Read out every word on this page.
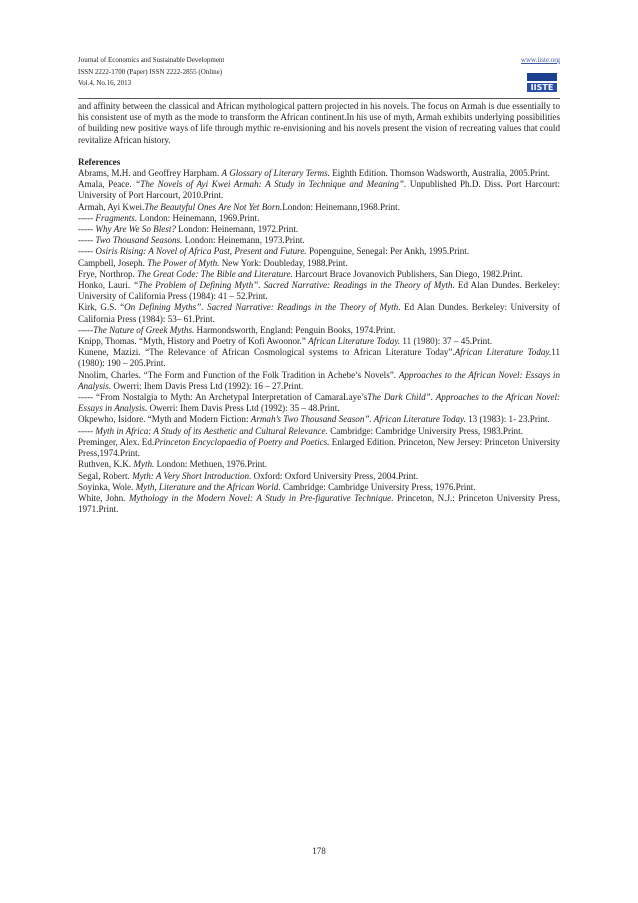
Journal of Economics and Sustainable Development
ISSN 2222-1700 (Paper) ISSN 2222-2855 (Online)
Vol.4, No.16, 2013
www.iiste.org
IISTE

and affinity between the classical and African mythological pattern projected in his novels. The focus on Armah is due essentially to his consistent use of myth as the mode to transform the African continent.In his use of myth, Armah exhibits underlying possibilities of building new positive ways of life through mythic re-envisioning and his novels present the vision of recreating values that could revitalize African history.

References

Abrams, M.H. and Geoffrey Harpham. A Glossary of Literary Terms. Eighth Edition. Thomson Wadsworth, Australia, 2005.Print.

Amala, Peace. “The Novels of Ayi Kwei Armah: A Study in Technique and Meaning”. Unpublished Ph.D. Diss. Port Harcourt: University of Port Harcourt, 2010.Print.

Armah, Ayi Kwei.The Beautyful Ones Are Not Yet Born.London: Heinemann,1968.Print.

----- Fragments. London: Heinemann, 1969.Print.

----- Why Are We So Blest? London: Heinemann, 1972.Print.

----- Two Thousand Seasons. London: Heinemann, 1973.Print.

----- Osiris Rising: A Novel of Africa Past, Present and Future. Popenguine, Senegal: Per Ankh, 1995.Print.

Campbell, Joseph. The Power of Myth. New York: Doubleday, 1988.Print.

Frye, Northrop. The Great Code: The Bible and Literature. Harcourt Brace Jovanovich Publishers, San Diego, 1982.Print.

Honko, Lauri. “The Problem of Defining Myth”. Sacred Narrative: Readings in the Theory of Myth. Ed Alan Dundes. Berkeley: University of California Press (1984): 41 – 52.Print.

Kirk, G.S. “On Defining Myths”. Sacred Narrative: Readings in the Theory of Myth. Ed Alan Dundes. Berkeley: University of California Press (1984): 53– 61.Print.

-----The Nature of Greek Myths. Harmondsworth, England: Penguin Books, 1974.Print.

Knipp, Thomas. “Myth, History and Poetry of Kofi Awoonor.” African Literature Today. 11 (1980): 37 – 45.Print.

Kunene, Mazizi. “The Relevance of African Cosmological systems to African Literature Today”.African Literature Today.11 (1980): 190 – 205.Print.

Nnolim, Charles. “The Form and Function of the Folk Tradition in Achebe’s Novels”. Approaches to the African Novel: Essays in Analysis. Owerri: Ihem Davis Press Ltd (1992): 16 – 27.Print.

----- “From Nostalgia to Myth: An Archetypal Interpretation of CamaraLaye’sThe Dark Child”. Approaches to the African Novel: Essays in Analysis. Owerri: Ihem Davis Press Ltd (1992): 35 – 48.Print.

Okpewho, Isidore. “Myth and Modern Fiction: Armah’s Two Thousand Season”. African Literature Today. 13 (1983): 1- 23.Print.

----- Myth in Africa: A Study of its Aesthetic and Cultural Relevance. Cambridge: Cambridge University Press, 1983.Print.

Preminger, Alex. Ed.Princeton Encyclopaedia of Poetry and Poetics. Enlarged Edition. Princeton, New Jersey: Princeton University Press,1974.Print.

Ruthven, K.K. Myth. London: Methuen, 1976.Print.

Segal, Robert. Myth: A Very Short Introduction. Oxford: Oxford University Press, 2004.Print.

Soyinka, Wole. Myth, Literature and the African World. Cambridge: Cambridge University Press, 1976.Print.

White, John. Mythology in the Modern Novel: A Study in Pre-figurative Technique. Princeton, N.J.: Princeton University Press, 1971.Print.

178
